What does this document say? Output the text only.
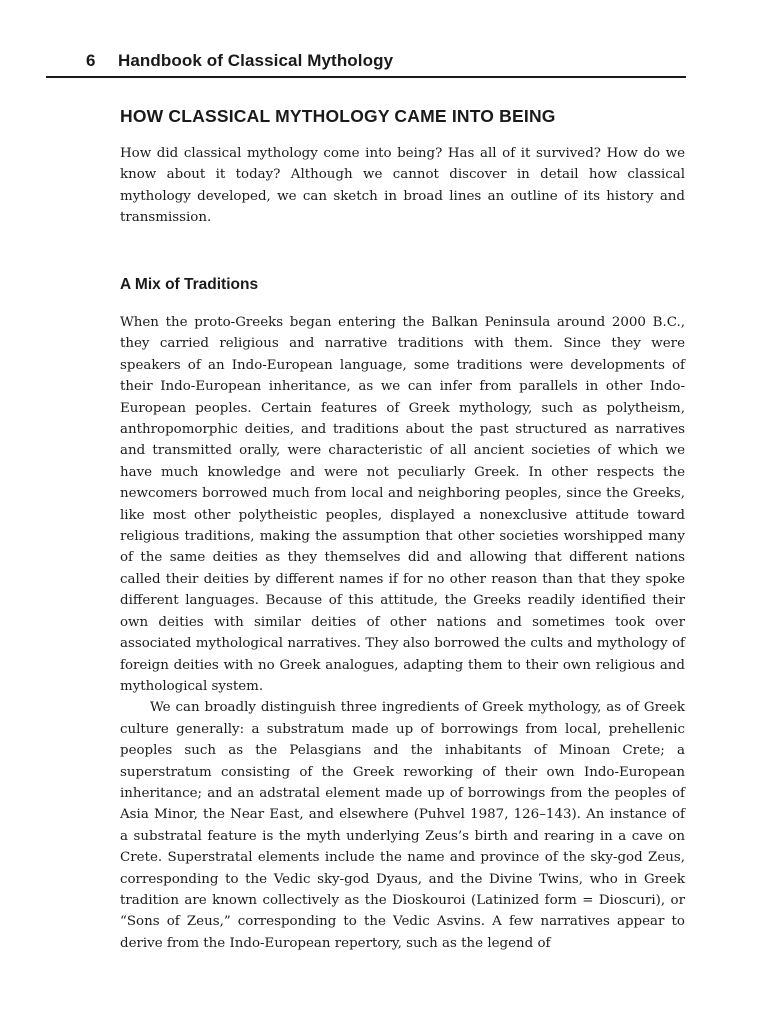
6 Handbook of Classical Mythology
HOW CLASSICAL MYTHOLOGY CAME INTO BEING

How did classical mythology come into being? Has all of it survived? How do we know about it today? Although we cannot discover in detail how classical mythology developed, we can sketch in broad lines an outline of its history and transmission.

A Mix of Traditions

When the proto-Greeks began entering the Balkan Peninsula around 2000 B.C., they carried religious and narrative traditions with them. Since they were speakers of an Indo-European language, some traditions were developments of their Indo-European inheritance, as we can infer from parallels in other Indo-European peoples. Certain features of Greek mythology, such as polytheism, anthropomorphic deities, and traditions about the past structured as narratives and transmitted orally, were characteristic of all ancient societies of which we have much knowledge and were not peculiarly Greek. In other respects the newcomers borrowed much from local and neighboring peoples, since the Greeks, like most other polytheistic peoples, displayed a nonexclusive attitude toward religious traditions, making the assumption that other societies worshipped many of the same deities as they themselves did and allowing that different nations called their deities by different names if for no other reason than that they spoke different languages. Because of this attitude, the Greeks readily identified their own deities with similar deities of other nations and sometimes took over associated mythological narratives. They also borrowed the cults and mythology of foreign deities with no Greek analogues, adapting them to their own religious and mythological system.

We can broadly distinguish three ingredients of Greek mythology, as of Greek culture generally: a substratum made up of borrowings from local, prehellenic peoples such as the Pelasgians and the inhabitants of Minoan Crete; a superstratum consisting of the Greek reworking of their own Indo-European inheritance; and an adstratal element made up of borrowings from the peoples of Asia Minor, the Near East, and elsewhere (Puhvel 1987, 126–143). An instance of a substratal feature is the myth underlying Zeus’s birth and rearing in a cave on Crete. Superstratal elements include the name and province of the sky-god Zeus, corresponding to the Vedic sky-god Dyaus, and the Divine Twins, who in Greek tradition are known collectively as the Dioskouroi (Latinized form = Dioscuri), or “Sons of Zeus,” corresponding to the Vedic Asvins. A few narratives appear to derive from the Indo-European repertory, such as the legend of
